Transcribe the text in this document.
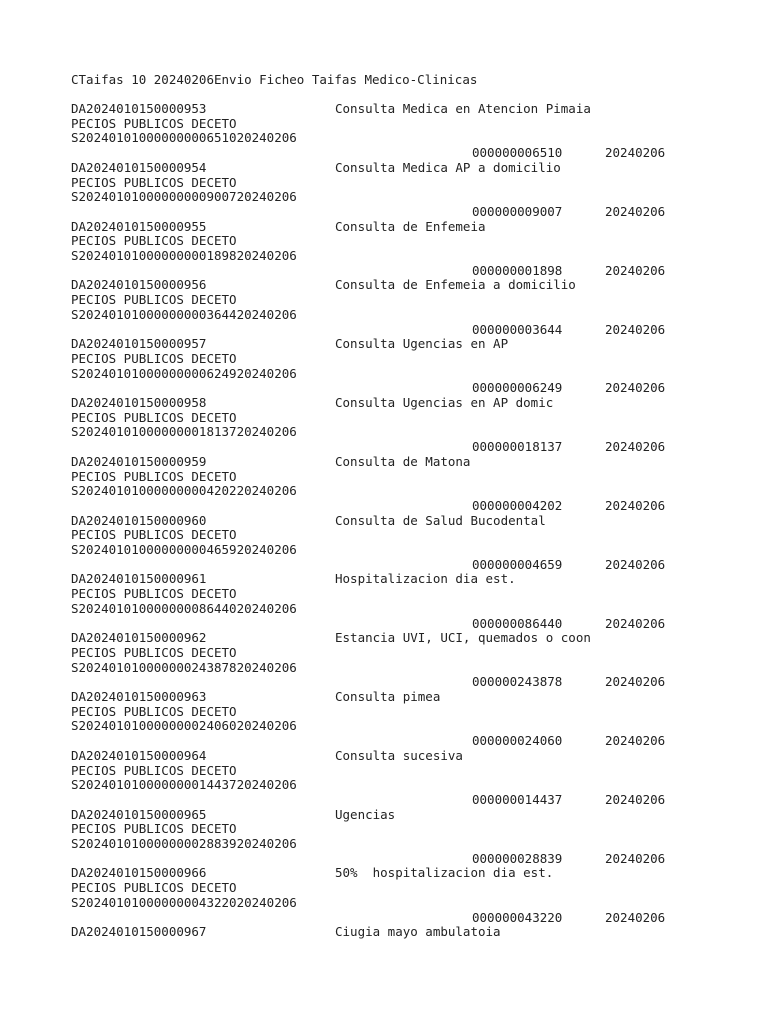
CTaifas 10 20240206Envio Ficheo Taifas Medico-Clinicas
DA2024010150000953	Consulta Medica en Atencion Pimaia
PECIOS PUBLICOS DECETO
S20240101000000000651020240206
000000006510	20240206
DA2024010150000954	Consulta Medica AP a domicilio
PECIOS PUBLICOS DECETO
S20240101000000000900720240206
000000009007	20240206
DA2024010150000955	Consulta de Enfemeia
PECIOS PUBLICOS DECETO
S20240101000000000189820240206
000000001898	20240206
DA2024010150000956	Consulta de Enfemeia a domicilio
PECIOS PUBLICOS DECETO
S20240101000000000364420240206
000000003644	20240206
DA2024010150000957	Consulta Ugencias en AP
PECIOS PUBLICOS DECETO
S20240101000000000624920240206
000000006249	20240206
DA2024010150000958	Consulta Ugencias en AP domic
PECIOS PUBLICOS DECETO
S20240101000000001813720240206
000000018137	20240206
DA2024010150000959	Consulta de Matona
PECIOS PUBLICOS DECETO
S20240101000000000420220240206
000000004202	20240206
DA2024010150000960	Consulta de Salud Bucodental
PECIOS PUBLICOS DECETO
S20240101000000000465920240206
000000004659	20240206
DA2024010150000961	Hospitalizacion dia est.
PECIOS PUBLICOS DECETO
S20240101000000008644020240206
000000086440	20240206
DA2024010150000962	Estancia UVI, UCI, quemados o coon
PECIOS PUBLICOS DECETO
S20240101000000024387820240206
000000243878	20240206
DA2024010150000963	Consulta pimea
PECIOS PUBLICOS DECETO
S20240101000000002406020240206
000000024060	20240206
DA2024010150000964	Consulta sucesiva
PECIOS PUBLICOS DECETO
S20240101000000001443720240206
000000014437	20240206
DA2024010150000965	Ugencias
PECIOS PUBLICOS DECETO
S20240101000000002883920240206
000000028839	20240206
DA2024010150000966	50%  hospitalizacion dia est.
PECIOS PUBLICOS DECETO
S20240101000000004322020240206
000000043220	20240206
DA2024010150000967	Ciugia mayo ambulatoia
